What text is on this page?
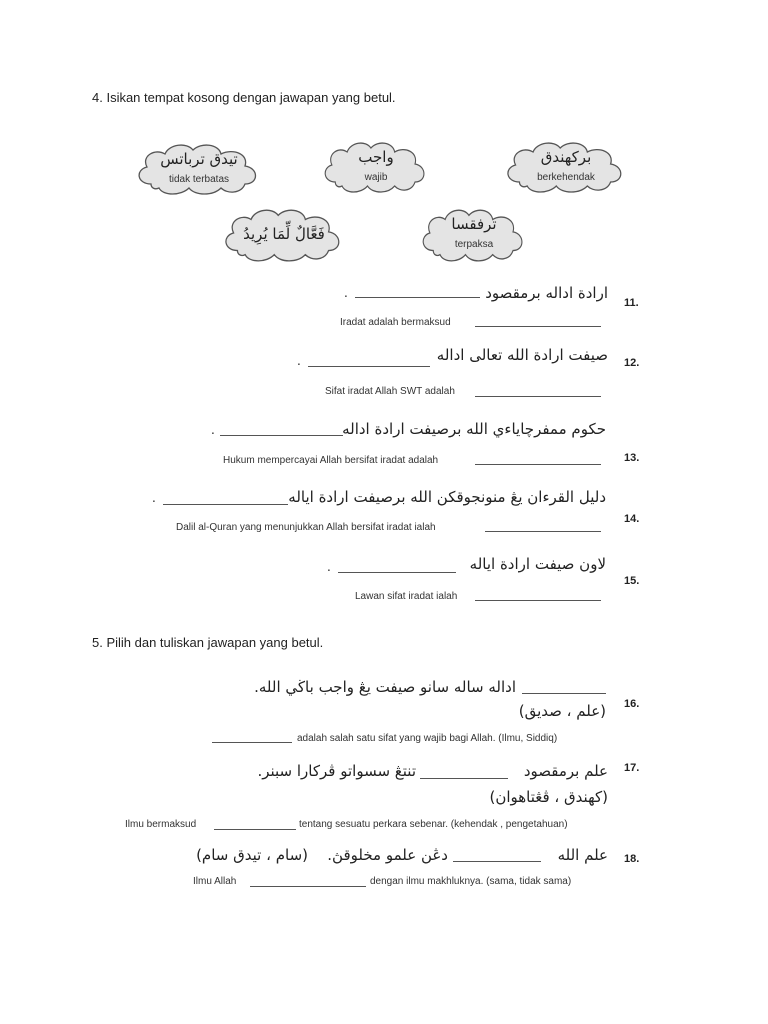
4. Isikan tempat kosong dengan jawapan yang betul.
تيدق ترباتس
tidak terbatas
واجب
wajib
بركهندق
berkehendak
فَعَّالٌ لِّمَا يُرِيدُ
ترفقسا
terpaksa
11.
ارادة اداله برمقصود
.
Iradat adalah bermaksud
12.
صيفت ارادة الله تعالى اداله
.
Sifat iradat Allah SWT adalah
13.
حکوم ممفرچاياءي الله برصيفت ارادة اداله
.
Hukum mempercayai Allah bersifat iradat adalah
14.
دليل القرءان يڠ منونجوقكن الله برصيفت ارادة اياله
.
Dalil al-Quran yang menunjukkan Allah bersifat iradat ialah
15.
لاون صيفت ارادة اياله
.
Lawan sifat iradat ialah
5. Pilih dan tuliskan jawapan yang betul.
16.
اداله ساله سانو صيفت يڠ واجب باڬي الله.
(علم ، صديق)
adalah salah satu sifat yang wajib bagi Allah. (Ilmu, Siddiq)
17.
علم برمقصود
تنتڠ سسواتو ڤركارا سبنر.
(كهندق ، ڤڠتاهوان)
Ilmu bermaksud	tentang sesuatu perkara sebenar. (kehendak , pengetahuan)
18.
علم الله
دڠن علمو مخلوقڽ.
(سام ، تيدق سام)
Ilmu Allah	dengan ilmu makhluknya. (sama, tidak sama)
